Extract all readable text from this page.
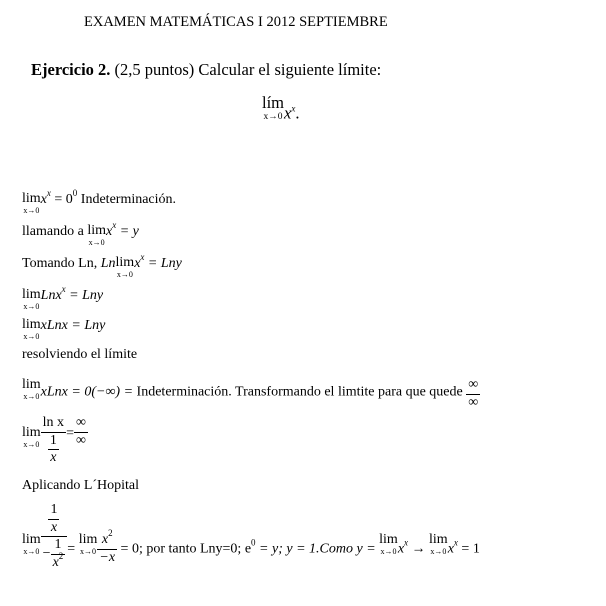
EXAMEN MATEMÁTICAS I 2012 SEPTIEMBRE
Ejercicio 2. (2,5 puntos) Calcular el siguiente límite:
lím
x→0 $x^x$.
lim
x→0
$x^x = 0^0$ Indeterminación.
llamando a lim
x→0
$x^x = y$
Tomando Ln, Ln lim
x→0
$x^x$ = Lny
lim
x→0
Lnx$^x$ = Lny
lim
x→0
xLnx = Lny
resolviendo el límite
lim
x→0 xLnx = 0(−∞) = Indeterminación. Transformando el limtite para que quede $\frac{\infty}{\infty}$
lim
$x\to 0 \frac{\text{ln x}}{\frac{1}{x}} = \frac{\infty}{\infty}$
Aplicando L´Hopital
lim
$x\to 0 \frac{\frac{1}{x}}{- \frac{1}{x^2}}$ =
lim
$x\to 0 \frac{x^2}{-x} = 0$; por tanto Lny=0; $e^0 = y$; y = 1.Como y =
lim
x→0 $x^x$ →
lim
x→0 $x^x = 1$
